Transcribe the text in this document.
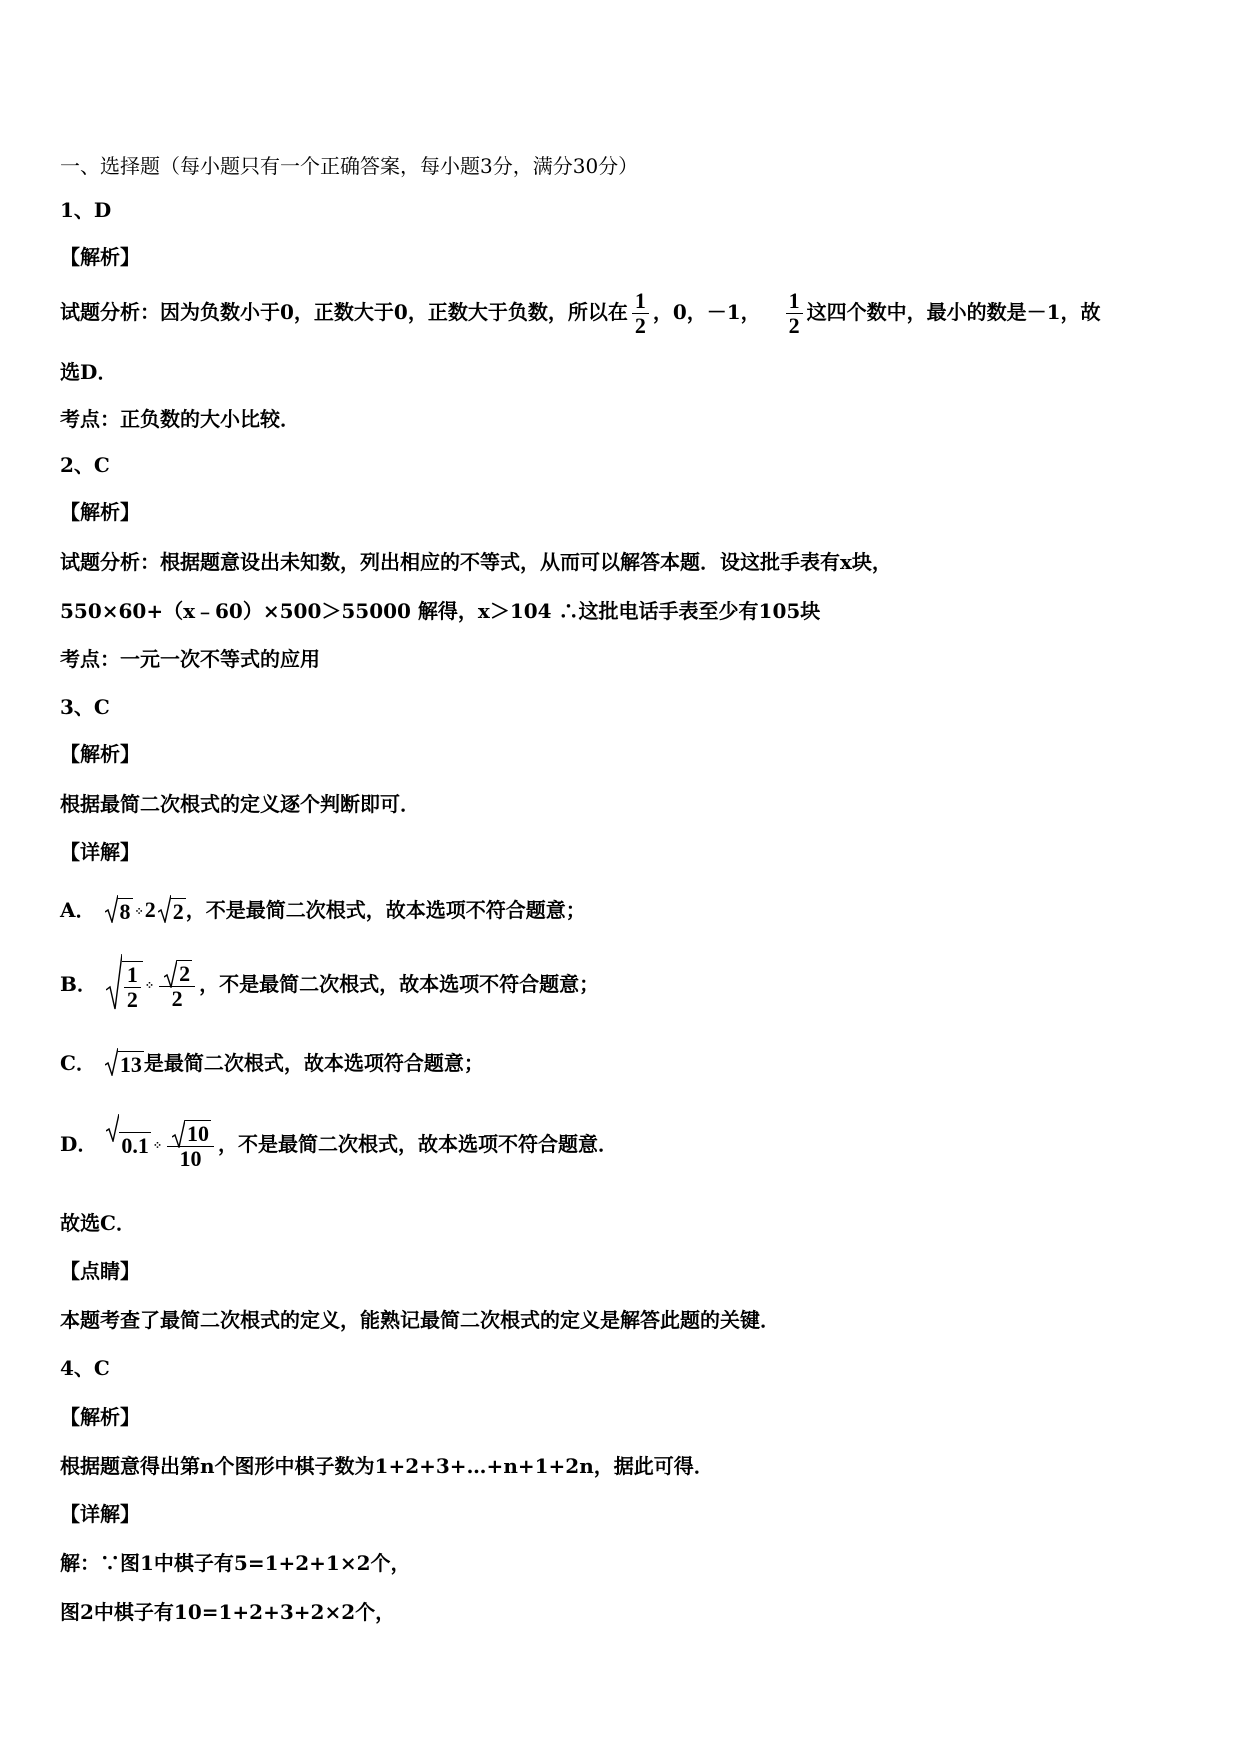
一、选择题（每小题只有一个正确答案，每小题3分，满分30分）
1、D
【解析】
试题分析：因为负数小于0，正数大于0，正数大于负数，所以在 $\frac{1}{2}$ ，0，－1， $\frac{1}{2}$ 这四个数中，最小的数是－1，故
选D．
考点：正负数的大小比较．
2、C
【解析】
试题分析：根据题意设出未知数，列出相应的不等式，从而可以解答本题．设这批手表有x块，
550×60+（x﹣60）×500＞55000 解得，x＞104 ∴这批电话手表至少有105块
考点：一元一次不等式的应用
3、C
【解析】
根据最简二次根式的定义逐个判断即可．
【详解】
A． 8 ⁘2 2 ，不是最简二次根式，故本选项不符合题意；
B． $\frac{1}{2}$ ⁘ $\frac{2}{2}$ ，不是最简二次根式，故本选项不符合题意；
C． 13 是最简二次根式，故本选项符合题意；
D． 0.1 ⁘ $\frac{10}{10}$ ，不是最简二次根式，故本选项不符合题意．
故选C．
【点睛】
本题考查了最简二次根式的定义，能熟记最简二次根式的定义是解答此题的关键．
4、C
【解析】
根据题意得出第n个图形中棋子数为1+2+3+…+n+1+2n，据此可得．
【详解】
解：∵图1中棋子有5=1+2+1×2个，
图2中棋子有10=1+2+3+2×2个，
